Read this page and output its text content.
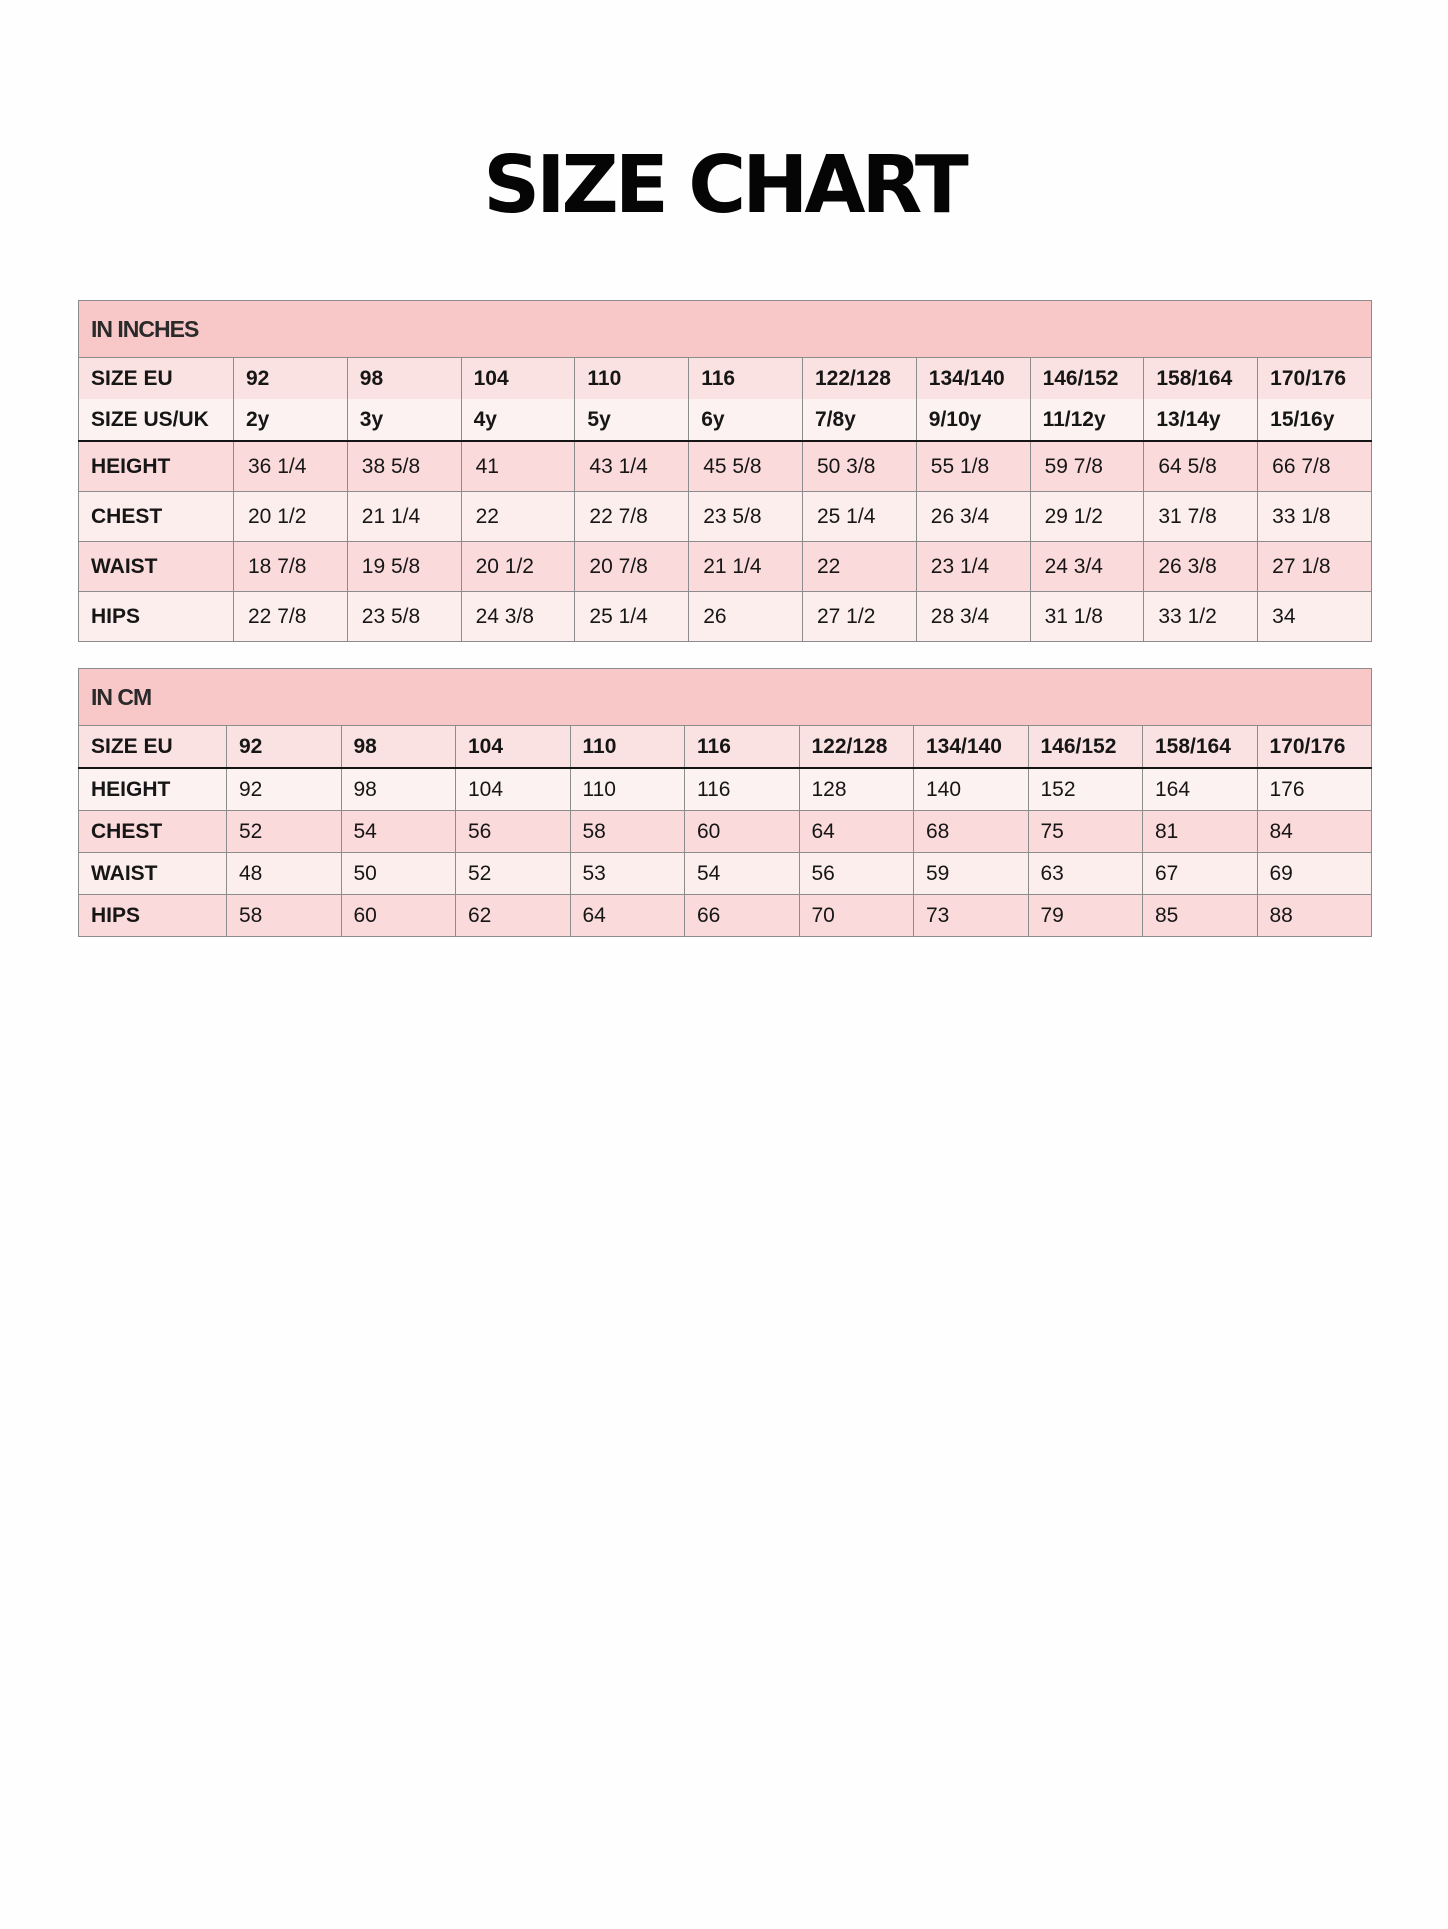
SIZE CHART
IN INCHES										
SIZE EU	92	98	104	110	116	122/128	134/140	146/152	158/164	170/176
SIZE US/UK	2y	3y	4y	5y	6y	7/8y	9/10y	11/12y	13/14y	15/16y
HEIGHT	36 1/4	38 5/8	41	43 1/4	45 5/8	50 3/8	55 1/8	59 7/8	64 5/8	66 7/8
CHEST	20 1/2	21 1/4	22	22 7/8	23 5/8	25 1/4	26 3/4	29 1/2	31 7/8	33 1/8
WAIST	18 7/8	19 5/8	20 1/2	20 7/8	21 1/4	22	23 1/4	24 3/4	26 3/8	27 1/8
HIPS	22 7/8	23 5/8	24 3/8	25 1/4	26	27 1/2	28 3/4	31 1/8	33 1/2	34
IN CM										
SIZE EU	92	98	104	110	116	122/128	134/140	146/152	158/164	170/176
HEIGHT	92	98	104	110	116	128	140	152	164	176
CHEST	52	54	56	58	60	64	68	75	81	84
WAIST	48	50	52	53	54	56	59	63	67	69
HIPS	58	60	62	64	66	70	73	79	85	88
